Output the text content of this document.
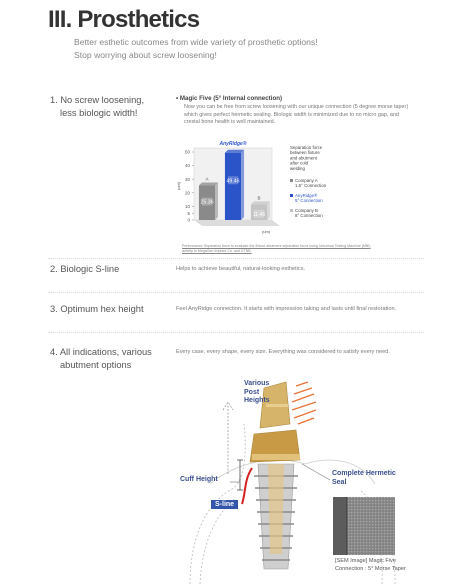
III. Prosthetics
Better esthetic outcomes from wide variety of prosthetic options!
Stop worrying about screw loosening!
1. No screw loosening,
less biologic width!
• Magic Five (5° Internal connection)
Now you can be free from screw loosening with our unique connection (5 degree morse taper) which gives perfect hermetic sealing. Biologic width is minimized due to no micro gap, and crestal bone health is well maintained.
0
5
10
20
30
40
50
(um)
25.36
A	49.46
11.46
B
AnyRidge®
(um)
Separation force between fixture and abutment after cold welding
Company A 1.5° Connection
AnyRidge® 5° Connection
Company B 8° Connection
Performance Separation force to evaluate the fixture-abutment separation force using Universal Testing Machine (MBI) activity in MegaGen Implant Co. and DTNB.
2. Biologic S-line	Helps to achieve beautiful, natural-looking esthetics.
3. Optimum hex height	Feel AnyRidge connection. It starts with impression taking and lasts until final restoration.
4. All indications, various
abutment options
Every case, every shape, every size. Everything was considered to satisfy every need.
Various Post Heights
Cuff Height
Complete Hermetic Seal
S-line
[SEM Image] Magic Five
Connection : 5° Morse Taper
